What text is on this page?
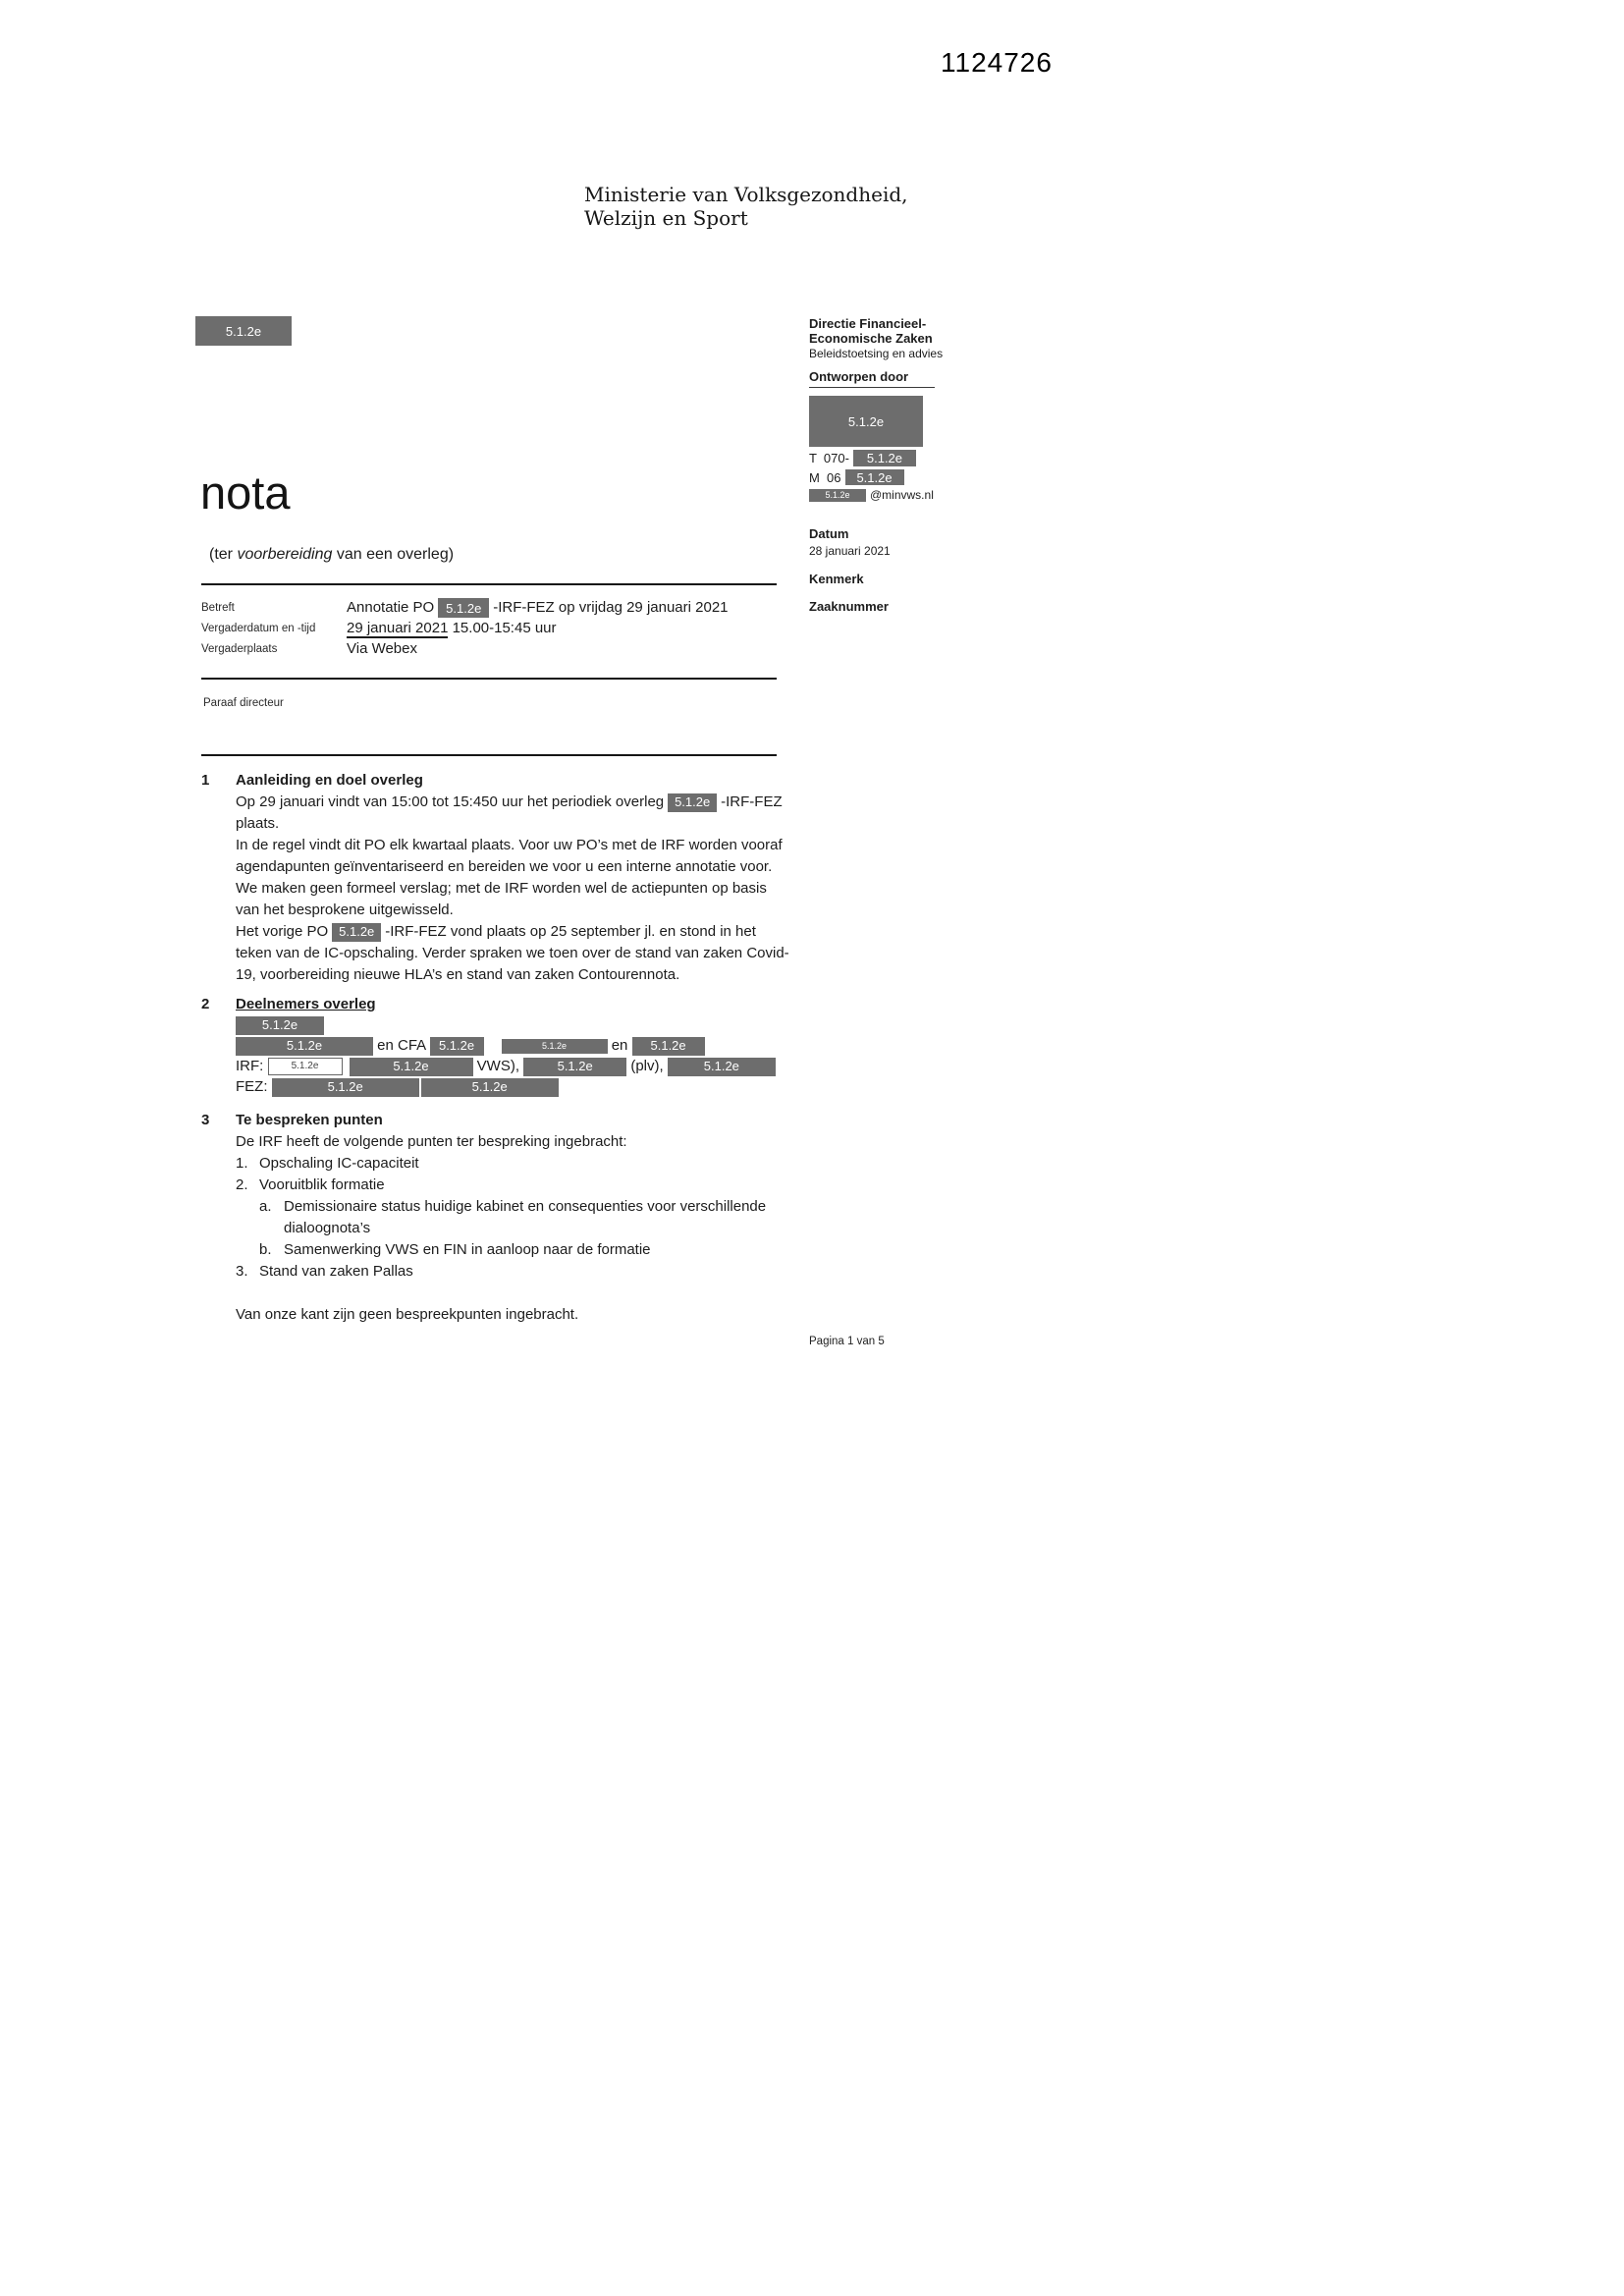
1124726
Ministerie van Volksgezondheid,
Welzijn en Sport
5.1.2e	Directie Financieel-
Economische Zaken
Beleidstoetsing en advies
Ontworpen door
5.1.2e
T  070-	5.1.2e
M  06	5.1.2e
5.1.2e	@minvws.nl
Datum
28 januari 2021
Kenmerk
Zaaknummer
nota
(ter voorbereiding van een overleg)
Betreft	Annotatie PO 5.1.2e -IRF-FEZ op vrijdag 29 januari 2021
Vergaderdatum en -tijd	29 januari 2021 15.00-15:45 uur
Vergaderplaats	Via Webex
Paraaf directeur
1	Aanleiding en doel overleg
Op 29 januari vindt van 15:00 tot 15:450 uur het periodiek overleg 5.1.2e -IRF-FEZ plaats.
In de regel vindt dit PO elk kwartaal plaats. Voor uw PO’s met de IRF worden vooraf agendapunten geïnventariseerd en bereiden we voor u een interne annotatie voor. We maken geen formeel verslag; met de IRF worden wel de actiepunten op basis van het besprokene uitgewisseld.
Het vorige PO 5.1.2e -IRF-FEZ vond plaats op 25 september jl. en stond in het teken van de IC-opschaling. Verder spraken we toen over de stand van zaken Covid-19, voorbereiding nieuwe HLA’s en stand van zaken Contourennota.
2	Deelnemers overleg
5.1.2e
5.1.2e	en CFA 5.1.2e	5.1.2e	en	5.1.2e
IRF:	5.1.2e	5.1.2e	VWS),	5.1.2e	(plv),	5.1.2e
FEZ:	5.1.2e	5.1.2e
3	Te bespreken punten
De IRF heeft de volgende punten ter bespreking ingebracht:
1. Opschaling IC-capaciteit
2. Vooruitblik formatie
a. Demissionaire status huidige kabinet en consequenties voor verschillende dialoognota’s
b. Samenwerking VWS en FIN in aanloop naar de formatie
3. Stand van zaken Pallas
Van onze kant zijn geen bespreekpunten ingebracht.
Pagina 1 van 5
